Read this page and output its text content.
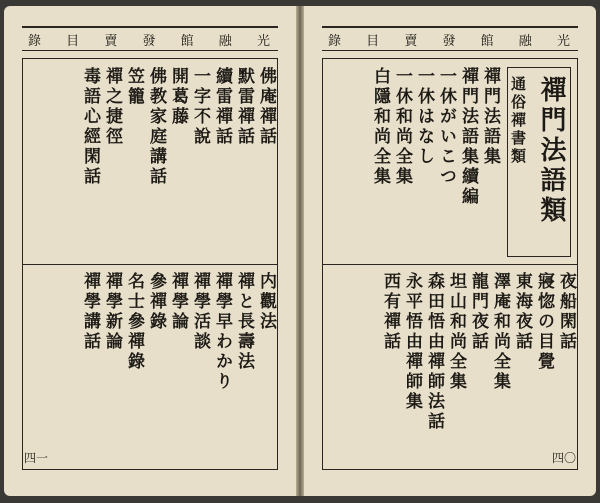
錄	目	賣	發	館	融	光
佛庵禪話
默雷禪話
續雷禪話
一字不說
開葛藤
佛教家庭講話
笠籠
禪之捷徑
毒語心經閑話
内觀法
禪と長壽法
禪學早わかり
禪學活談
禪學論
參禪錄
名士參禪錄
禪學新論
禪學講話
四一
錄	目	賣	發	館	融	光
禪門法語類
通俗禪書類
禪門法語集
禪門法語集續編
一休がいこつ
一休はなし
一休和尚全集
白隱和尚全集
夜船閑話
寢惚の目覺
東海夜話
澤庵和尚全集
龍門夜話
坦山和尚全集
森田悟由禪師法話
永平悟由禪師集
西有禪話
四〇
